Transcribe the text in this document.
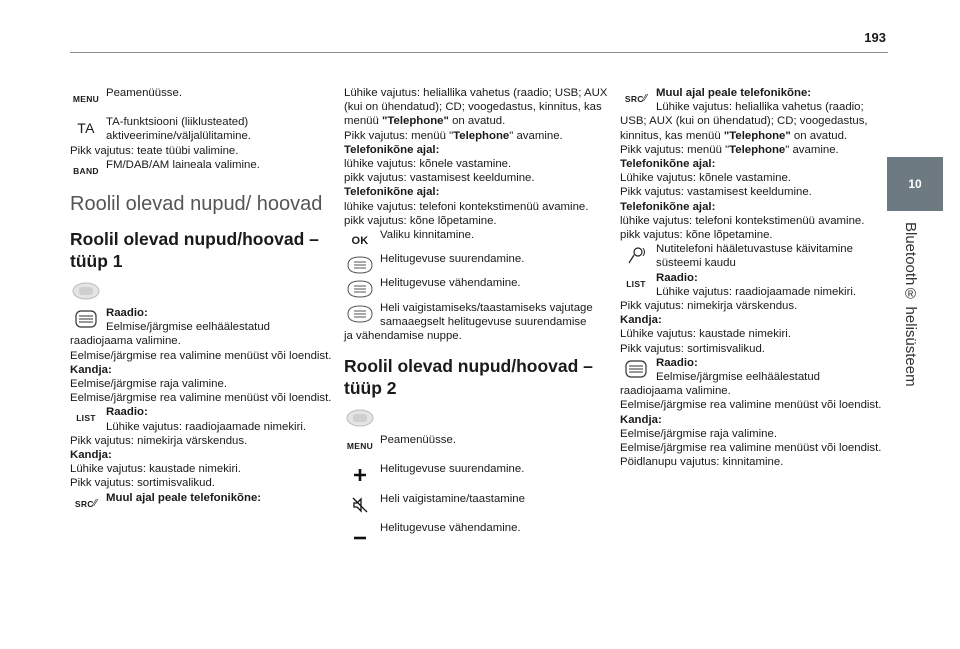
193
10
Bluetooth® helisüsteem
MENU Peamenüüsse.
TA TA-funktsiooni (liiklusteated) aktiveerimine/väljalülitamine.
Pikk vajutus: teate tüübi valimine.
BAND FM/DAB/AM laineala valimine.
Roolil olevad nupud/ hoovad
Roolil olevad nupud/hoovad – tüüp 1
Raadio:
Eelmise/järgmise eelhäälestatud
raadiojaama valimine.
Eelmise/järgmise rea valimine menüüst või loendist.
Kandja:
Eelmise/järgmise raja valimine.
Eelmise/järgmise rea valimine menüüst või loendist.
LIST Raadio:
Lühike vajutus: raadiojaamade nimekiri.
Pikk vajutus: nimekirja värskendus.
Kandja:
Lühike vajutus: kaustade nimekiri.
Pikk vajutus: sortimisvalikud.
SRC ∕⁄ Muul ajal peale telefonikõne:
Lühike vajutus: heliallika vahetus (raadio; USB; AUX (kui on ühendatud); CD; voogedastus, kinnitus, kas menüü "Telephone" on avatud.
Pikk vajutus: menüü "Telephone" avamine.
Telefonikõne ajal:
lühike vajutus: kõnele vastamine.
pikk vajutus: vastamisest keeldumine.
Telefonikõne ajal:
lühike vajutus: telefoni kontekstimenüü avamine.
pikk vajutus: kõne lõpetamine.
OK Valiku kinnitamine.
Helitugevuse suurendamine.
Helitugevuse vähendamine.
Heli vaigistamiseks/taastamiseks vajutage samaaegselt helitugevuse suurendamise
ja vähendamise nuppe.
Roolil olevad nupud/hoovad – tüüp 2
MENU Peamenüüsse.
Helitugevuse suurendamine.
Heli vaigistamine/taastamine
Helitugevuse vähendamine.
SRC ∕⁄ Muul ajal peale telefonikõne:
Lühike vajutus: heliallika vahetus (raadio;
USB; AUX (kui on ühendatud); CD; voogedastus, kinnitus, kas menüü "Telephone" on avatud.
Pikk vajutus: menüü "Telephone" avamine.
Telefonikõne ajal:
Lühike vajutus: kõnele vastamine.
Pikk vajutus: vastamisest keeldumine.
Telefonikõne ajal:
lühike vajutus: telefoni kontekstimenüü avamine.
pikk vajutus: kõne lõpetamine.
Nutitelefoni hääletuvastuse käivitamine süsteemi kaudu
LIST Raadio:
Lühike vajutus: raadiojaamade nimekiri.
Pikk vajutus: nimekirja värskendus.
Kandja:
Lühike vajutus: kaustade nimekiri.
Pikk vajutus: sortimisvalikud.
Raadio:
Eelmise/järgmise eelhäälestatud
raadiojaama valimine.
Eelmise/järgmise rea valimine menüüst või loendist.
Kandja:
Eelmise/järgmise raja valimine.
Eelmise/järgmise rea valimine menüüst või loendist.
Pöidlanupu vajutus: kinnitamine.
